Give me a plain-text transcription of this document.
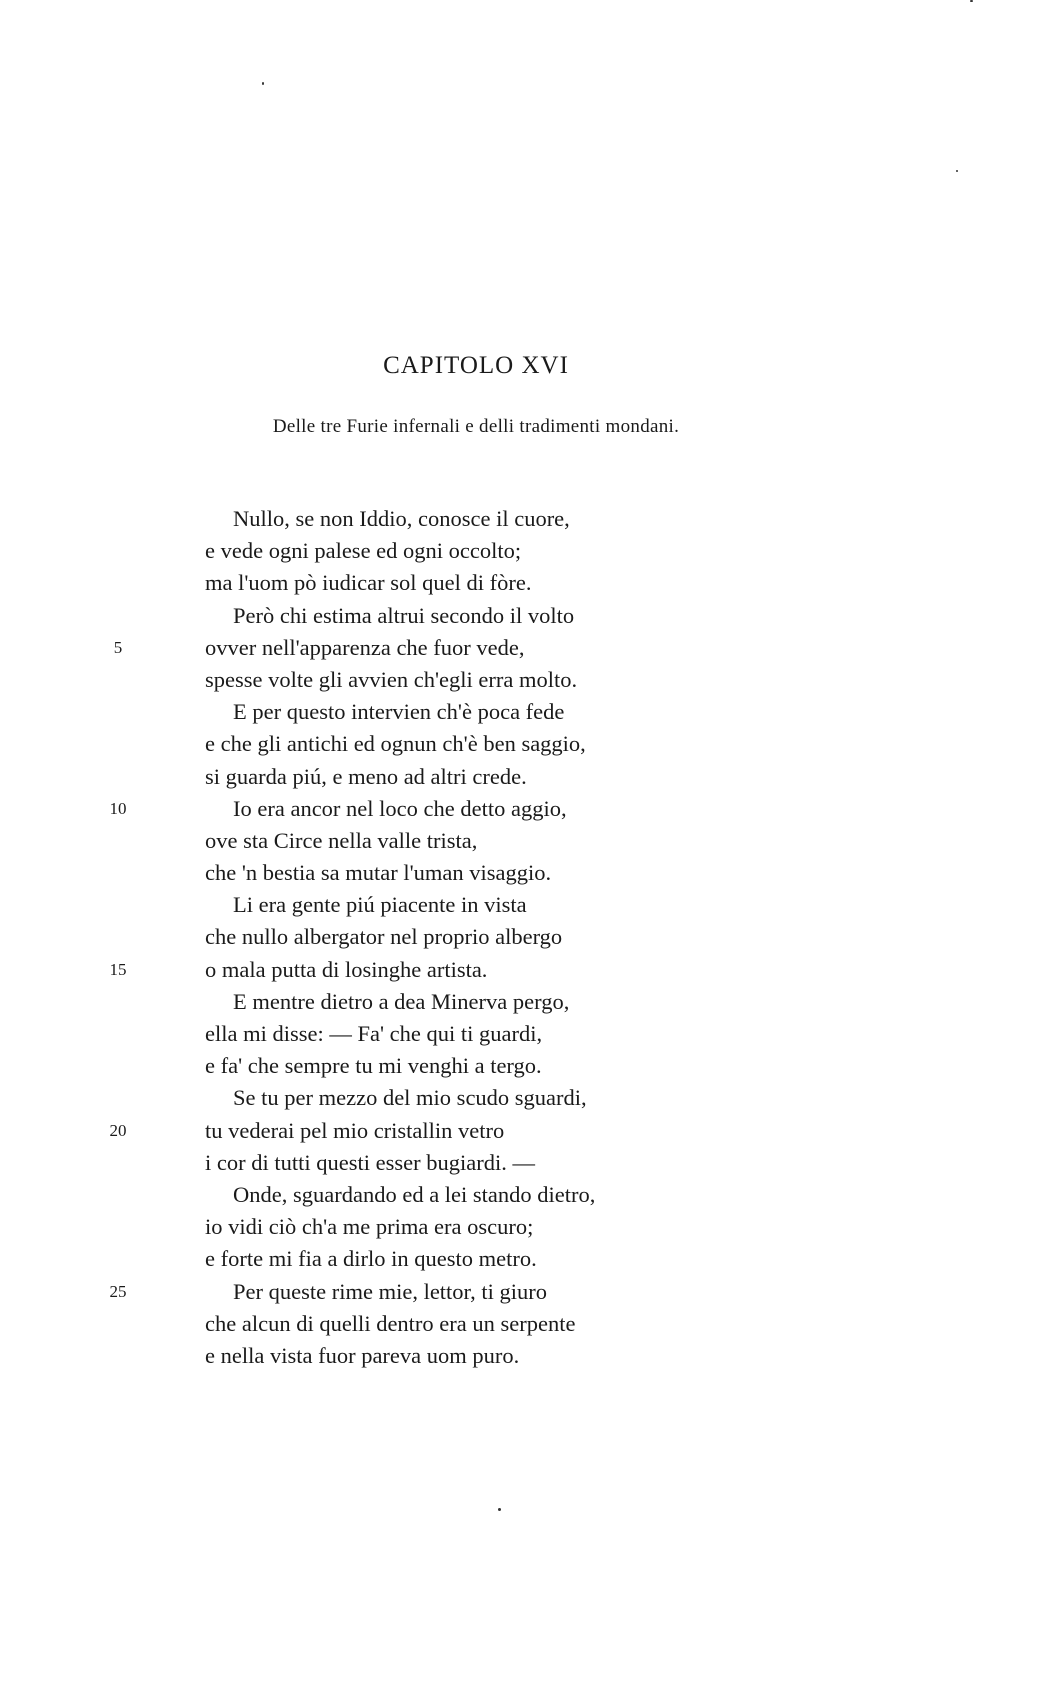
CAPITOLO XVI
Delle tre Furie infernali e delli tradimenti mondani.
Nullo, se non Iddio, conosce il cuore,
e vede ogni palese ed ogni occolto;
ma l'uom pò iudicar sol quel di fòre.
Però chi estima altrui secondo il volto
5	ovver nell'apparenza che fuor vede,
spesse volte gli avvien ch'egli erra molto.
E per questo intervien ch'è poca fede
e che gli antichi ed ognun ch'è ben saggio,
si guarda piú, e meno ad altri crede.
10	Io era ancor nel loco che detto aggio,
ove sta Circe nella valle trista,
che 'n bestia sa mutar l'uman visaggio.
Li era gente piú piacente in vista
che nullo albergator nel proprio albergo
15	o mala putta di losinghe artista.
E mentre dietro a dea Minerva pergo,
ella mi disse: — Fa' che qui ti guardi,
e fa' che sempre tu mi venghi a tergo.
Se tu per mezzo del mio scudo sguardi,
20	tu vederai pel mio cristallin vetro
i cor di tutti questi esser bugiardi. —
Onde, sguardando ed a lei stando dietro,
io vidi ciò ch'a me prima era oscuro;
e forte mi fia a dirlo in questo metro.
25	Per queste rime mie, lettor, ti giuro
che alcun di quelli dentro era un serpente
e nella vista fuor pareva uom puro.
